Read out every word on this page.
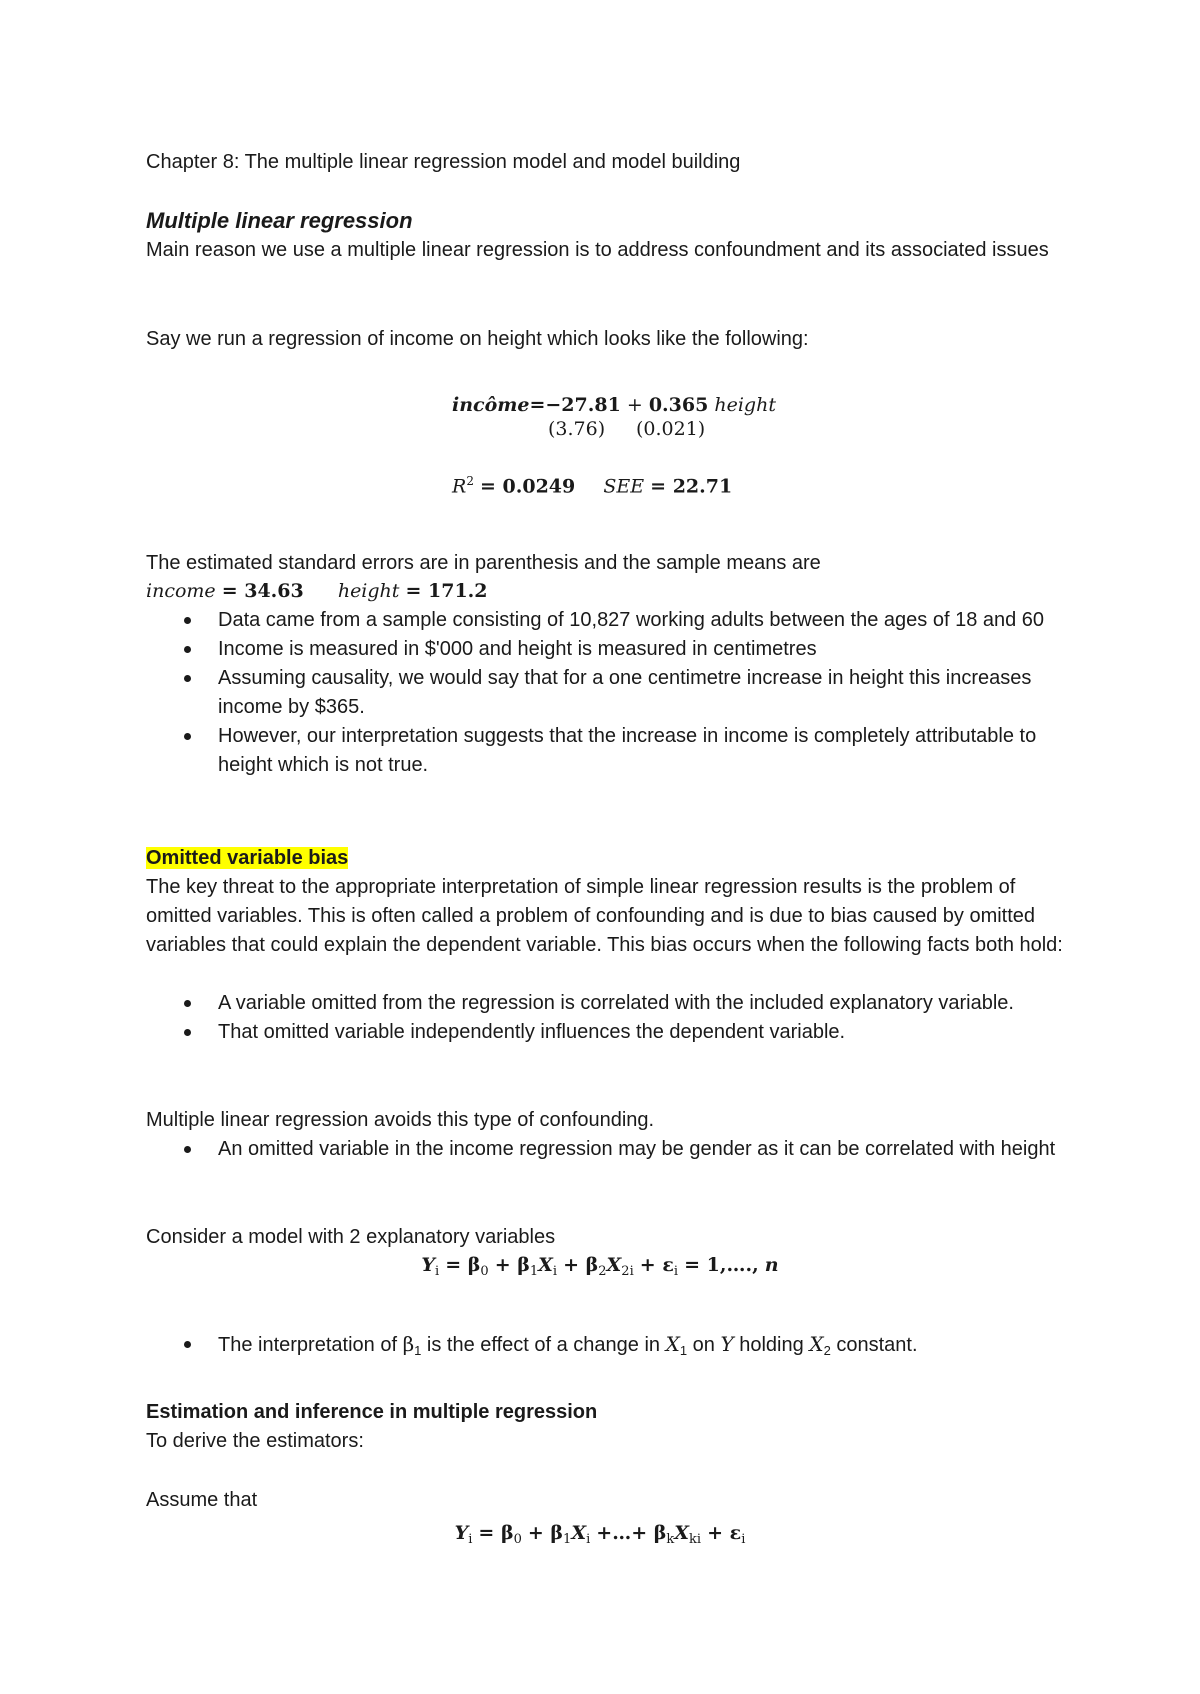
Chapter 8: The multiple linear regression model and model building
Multiple linear regression
Main reason we use a multiple linear regression is to address confoundment and its associated issues
Say we run a regression of income on height which looks like the following:
incôme=−27.81 + 0.365 height
(3.76) (0.021)
$R^2 = 0.0249$ SEE = 22.71
The estimated standard errors are in parenthesis and the sample means are
income = 34.63 height = 171.2
Data came from a sample consisting of 10,827 working adults between the ages of 18 and 60
Income is measured in $'000 and height is measured in centimetres
Assuming causality, we would say that for a one centimetre increase in height this increases income by $365.
However, our interpretation suggests that the increase in income is completely attributable to height which is not true.
Omitted variable bias
The key threat to the appropriate interpretation of simple linear regression results is the problem of omitted variables. This is often called a problem of confounding and is due to bias caused by omitted variables that could explain the dependent variable. This bias occurs when the following facts both hold:
A variable omitted from the regression is correlated with the included explanatory variable.
That omitted variable independently influences the dependent variable.
Multiple linear regression avoids this type of confounding.
An omitted variable in the income regression may be gender as it can be correlated with height
Consider a model with 2 explanatory variables
$Y_i = \beta_0 + \beta_1X_i + \beta_2X_{2i} + \varepsilon_i$ = 1,…., n
The interpretation of $\beta_1$ is the effect of a change in $X_1$ on Y holding $X_2$ constant.
Estimation and inference in multiple regression
To derive the estimators:
Assume that
$Y_i = \beta_0 + \beta_1X_i$ +…+ $\beta_kX_{ki} + \varepsilon_i$
